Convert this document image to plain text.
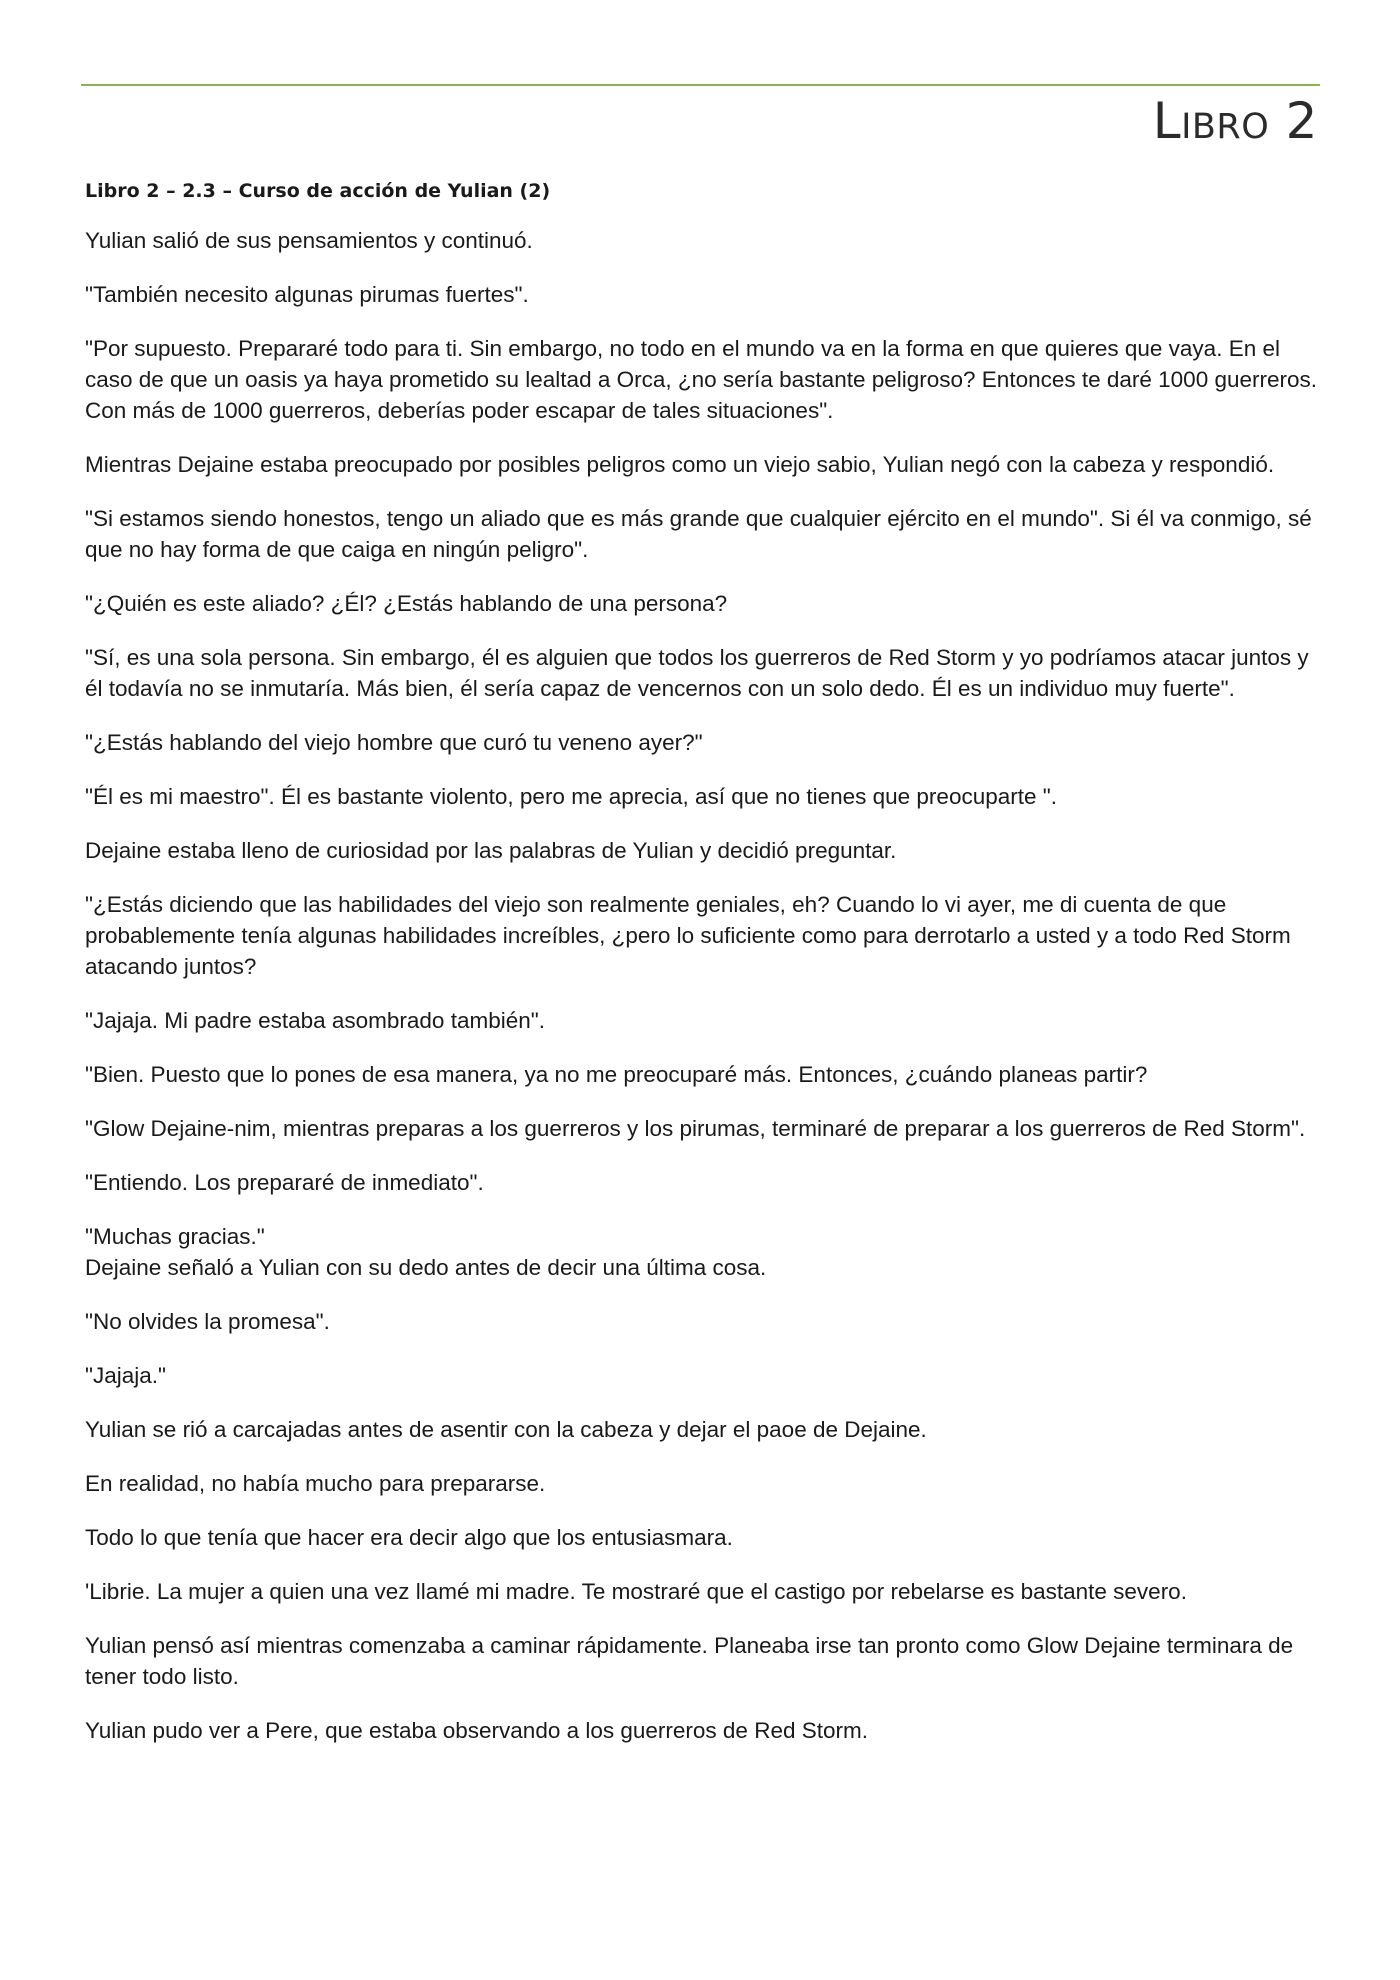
Libro 2
Libro 2 – 2.3 – Curso de acción de Yulian (2)

Yulian salió de sus pensamientos y continuó.

"También necesito algunas pirumas fuertes".

"Por supuesto. Prepararé todo para ti. Sin embargo, no todo en el mundo va en la forma en que quieres que vaya. En el caso de que un oasis ya haya prometido su lealtad a Orca, ¿no sería bastante peligroso? Entonces te daré 1000 guerreros. Con más de 1000 guerreros, deberías poder escapar de tales situaciones".

Mientras Dejaine estaba preocupado por posibles peligros como un viejo sabio, Yulian negó con la cabeza y respondió.

"Si estamos siendo honestos, tengo un aliado que es más grande que cualquier ejército en el mundo". Si él va conmigo, sé que no hay forma de que caiga en ningún peligro".

"¿Quién es este aliado? ¿Él? ¿Estás hablando de una persona?

"Sí, es una sola persona. Sin embargo, él es alguien que todos los guerreros de Red Storm y yo podríamos atacar juntos y él todavía no se inmutaría. Más bien, él sería capaz de vencernos con un solo dedo. Él es un individuo muy fuerte".

"¿Estás hablando del viejo hombre que curó tu veneno ayer?"

"Él es mi maestro". Él es bastante violento, pero me aprecia, así que no tienes que preocuparte ".

Dejaine estaba lleno de curiosidad por las palabras de Yulian y decidió preguntar.

"¿Estás diciendo que las habilidades del viejo son realmente geniales, eh? Cuando lo vi ayer, me di cuenta de que probablemente tenía algunas habilidades increíbles, ¿pero lo suficiente como para derrotarlo a usted y a todo Red Storm atacando juntos?

"Jajaja. Mi padre estaba asombrado también".

"Bien. Puesto que lo pones de esa manera, ya no me preocuparé más. Entonces, ¿cuándo planeas partir?

"Glow Dejaine-nim, mientras preparas a los guerreros y los pirumas, terminaré de preparar a los guerreros de Red Storm".

"Entiendo. Los prepararé de inmediato".

"Muchas gracias."
Dejaine señaló a Yulian con su dedo antes de decir una última cosa.

"No olvides la promesa".

"Jajaja."

Yulian se rió a carcajadas antes de asentir con la cabeza y dejar el paoe de Dejaine.

En realidad, no había mucho para prepararse.

Todo lo que tenía que hacer era decir algo que los entusiasmara.

'Librie. La mujer a quien una vez llamé mi madre. Te mostraré que el castigo por rebelarse es bastante severo.

Yulian pensó así mientras comenzaba a caminar rápidamente. Planeaba irse tan pronto como Glow Dejaine terminara de tener todo listo.

Yulian pudo ver a Pere, que estaba observando a los guerreros de Red Storm.
